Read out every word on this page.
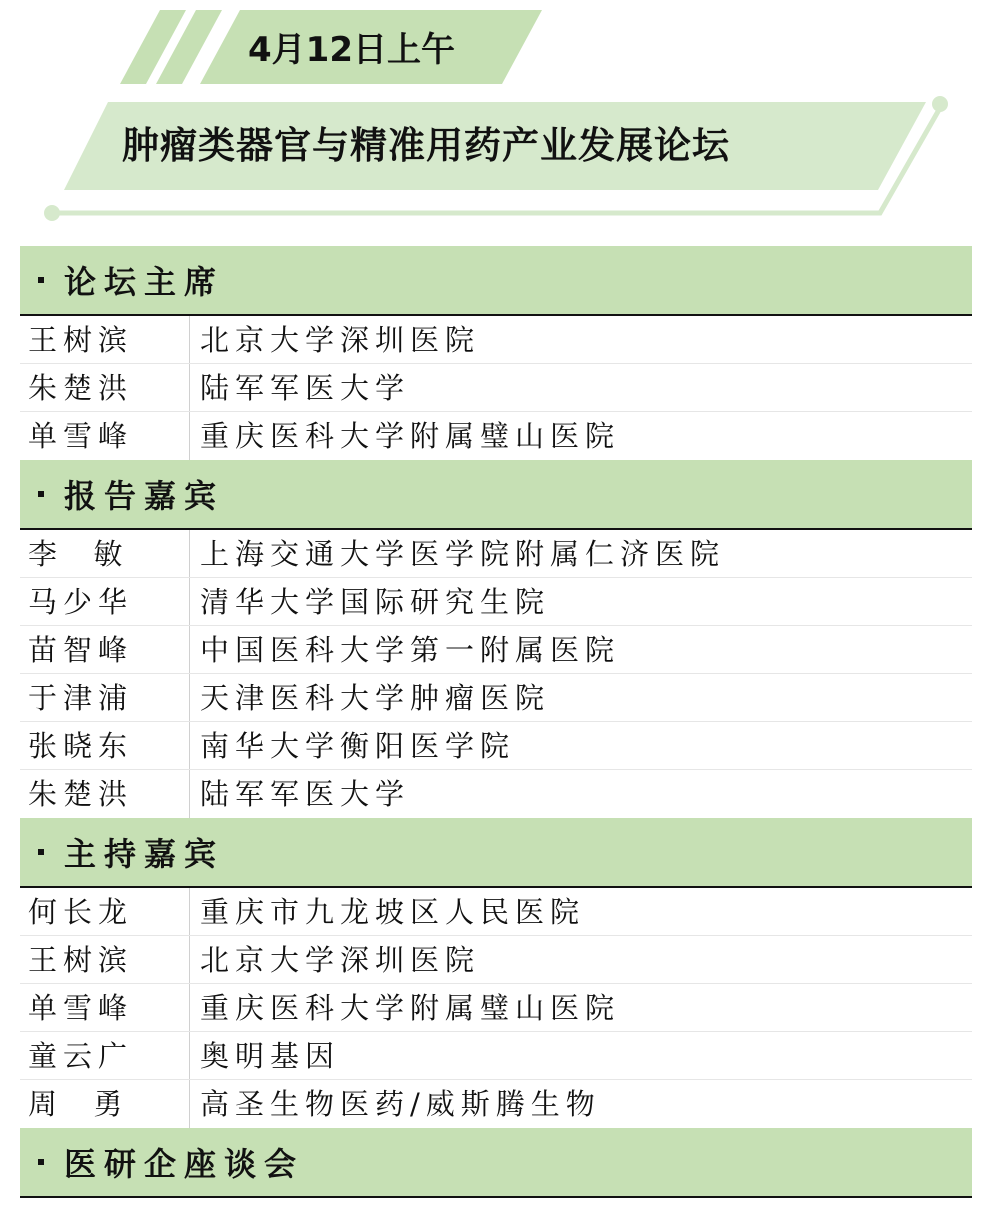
4月12日上午
肿瘤类器官与精准用药产业发展论坛
论坛主席
王树滨	北京大学深圳医院
朱楚洪	陆军军医大学
单雪峰	重庆医科大学附属璧山医院
报告嘉宾
李  敏	上海交通大学医学院附属仁济医院
马少华	清华大学国际研究生院
苗智峰	中国医科大学第一附属医院
于津浦	天津医科大学肿瘤医院
张晓东	南华大学衡阳医学院
朱楚洪	陆军军医大学
主持嘉宾
何长龙	重庆市九龙坡区人民医院
王树滨	北京大学深圳医院
单雪峰	重庆医科大学附属璧山医院
童云广	奥明基因
周  勇	高圣生物医药/威斯腾生物
医研企座谈会
